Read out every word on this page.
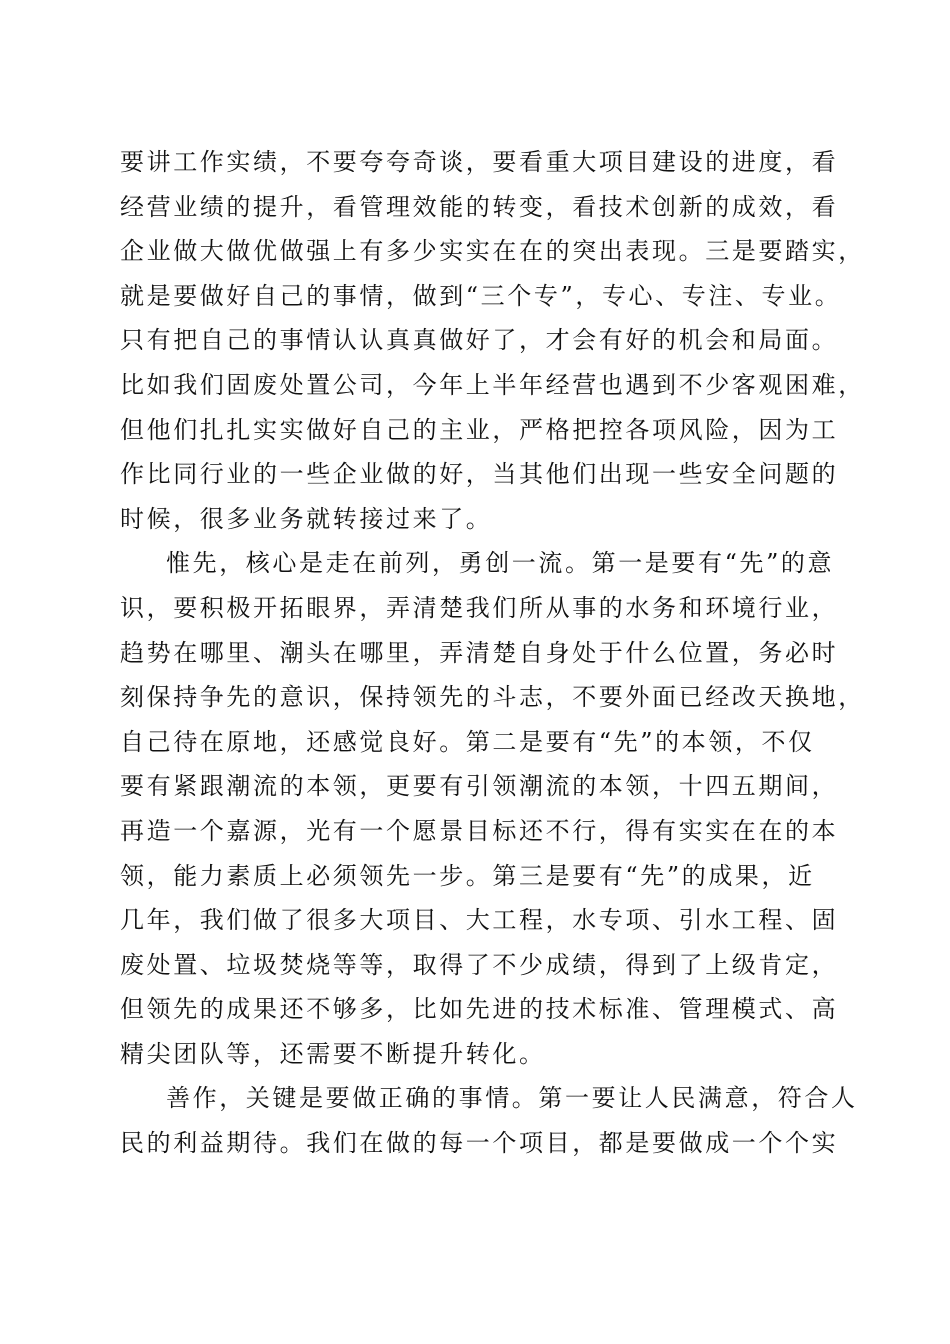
要讲工作实绩，不要夸夸奇谈，要看重大项目建设的进度，看
经营业绩的提升，看管理效能的转变，看技术创新的成效，看
企业做大做优做强上有多少实实在在的突出表现。三是要踏实，
就是要做好自己的事情，做到“三个专”，专心、专注、专业。
只有把自己的事情认认真真做好了，才会有好的机会和局面。
比如我们固废处置公司，今年上半年经营也遇到不少客观困难，
但他们扎扎实实做好自己的主业，严格把控各项风险，因为工
作比同行业的一些企业做的好，当其他们出现一些安全问题的
时候，很多业务就转接过来了。
惟先，核心是走在前列，勇创一流。第一是要有“先”的意
识，要积极开拓眼界，弄清楚我们所从事的水务和环境行业，
趋势在哪里、潮头在哪里，弄清楚自身处于什么位置，务必时
刻保持争先的意识，保持领先的斗志，不要外面已经改天换地，
自己待在原地，还感觉良好。第二是要有“先”的本领，不仅
要有紧跟潮流的本领，更要有引领潮流的本领，十四五期间，
再造一个嘉源，光有一个愿景目标还不行，得有实实在在的本
领，能力素质上必须领先一步。第三是要有“先”的成果，近
几年，我们做了很多大项目、大工程，水专项、引水工程、固
废处置、垃圾焚烧等等，取得了不少成绩，得到了上级肯定，
但领先的成果还不够多，比如先进的技术标准、管理模式、高
精尖团队等，还需要不断提升转化。
善作，关键是要做正确的事情。第一要让人民满意，符合人
民的利益期待。我们在做的每一个项目，都是要做成一个个实
